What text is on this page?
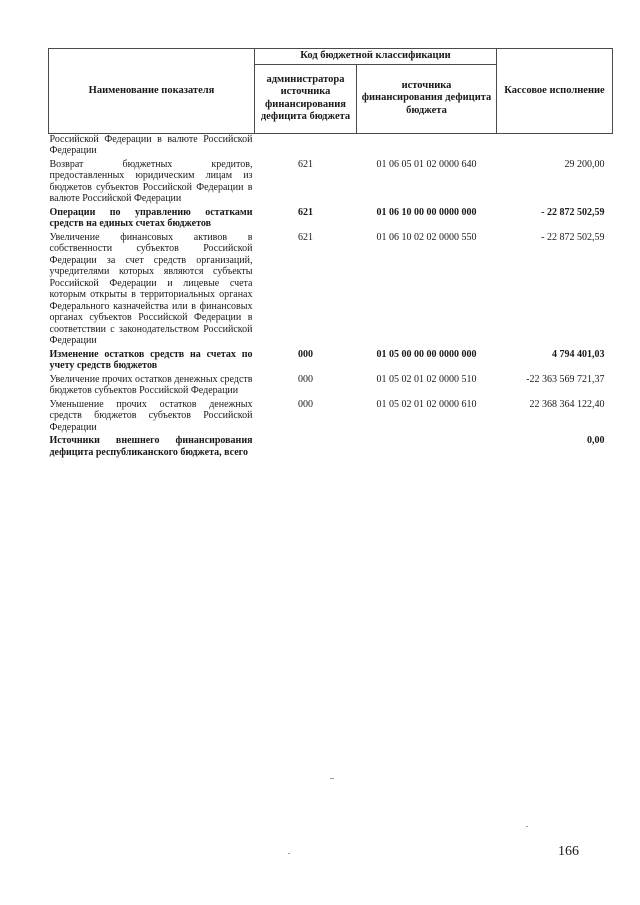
Наименование показателя	Код бюджетной классификации		Кассовое исполнение
	администратора источника финансирования дефицита бюджета	источника финансирования дефицита бюджета	
Российской Федерации в валюте Российской Федерации			
Возврат бюджетных кредитов, предоставленных юридическим лицам из бюджетов субъектов Российской Федерации в валюте Российской Федерации	621	01 06 05 01 02 0000 640	29 200,00
Операции по управлению остатками средств на единых счетах бюджетов	621	01 06 10 00 00 0000 000	- 22 872 502,59
Увеличение финансовых активов в собственности субъектов Российской Федерации за счет средств организаций, учредителями которых являются субъекты Российской Федерации и лицевые счета которым открыты в территориальных органах Федерального казначейства или в финансовых органах субъектов Российской Федерации в соответствии с законодательством Российской Федерации	621	01 06 10 02 02 0000 550	- 22 872 502,59
Изменение остатков средств на счетах по учету средств бюджетов	000	01 05 00 00 00 0000 000	4 794 401,03
Увеличение прочих остатков денежных средств бюджетов субъектов Российской Федерации	000	01 05 02 01 02 0000 510	-22 363 569 721,37
Уменьшение прочих остатков денежных средств бюджетов субъектов Российской Федерации	000	01 05 02 01 02 0000 610	22 368 364 122,40
Источники внешнего финансирования дефицита республиканского бюджета, всего			0,00
166
